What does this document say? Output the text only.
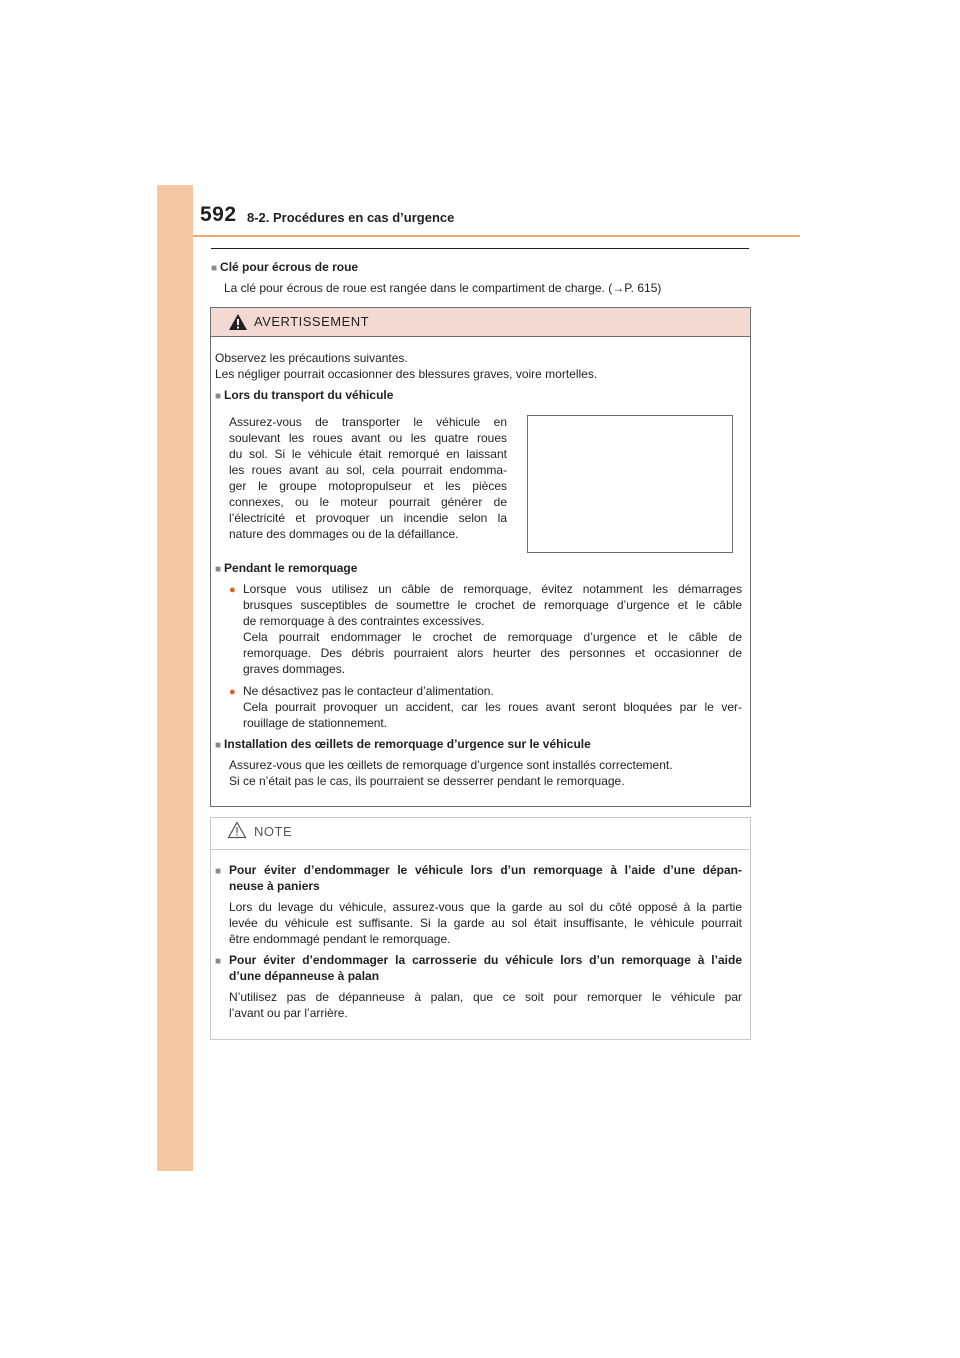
592 8-2. Procédures en cas d’urgence
■ Clé pour écrous de roue
La clé pour écrous de roue est rangée dans le compartiment de charge. (→P. 615)
AVERTISSEMENT
Observez les précautions suivantes.
Les négliger pourrait occasionner des blessures graves, voire mortelles.
■ Lors du transport du véhicule
Assurez-vous de transporter le véhicule en
soulevant les roues avant ou les quatre roues
du sol. Si le véhicule était remorqué en laissant
les roues avant au sol, cela pourrait endomma-
ger le groupe motopropulseur et les pièces
connexes, ou le moteur pourrait générer de
l’électricité et provoquer un incendie selon la
nature des dommages ou de la défaillance.
■ Pendant le remorquage
● Lorsque vous utilisez un câble de remorquage, évitez notamment les démarrages
brusques susceptibles de soumettre le crochet de remorquage d’urgence et le câble
de remorquage à des contraintes excessives.
Cela pourrait endommager le crochet de remorquage d’urgence et le câble de
remorquage. Des débris pourraient alors heurter des personnes et occasionner de
graves dommages.
● Ne désactivez pas le contacteur d’alimentation.
Cela pourrait provoquer un accident, car les roues avant seront bloquées par le ver-
rouillage de stationnement.
■ Installation des œillets de remorquage d’urgence sur le véhicule
Assurez-vous que les œillets de remorquage d’urgence sont installés correctement.
Si ce n’était pas le cas, ils pourraient se desserrer pendant le remorquage.
NOTE
■ Pour éviter d’endommager le véhicule lors d’un remorquage à l’aide d’une dépan-
neuse à paniers
Lors du levage du véhicule, assurez-vous que la garde au sol du côté opposé à la partie
levée du véhicule est suffisante. Si la garde au sol était insuffisante, le véhicule pourrait
être endommagé pendant le remorquage.
■ Pour éviter d’endommager la carrosserie du véhicule lors d’un remorquage à l’aide
d’une dépanneuse à palan
N’utilisez pas de dépanneuse à palan, que ce soit pour remorquer le véhicule par
l’avant ou par l’arrière.
